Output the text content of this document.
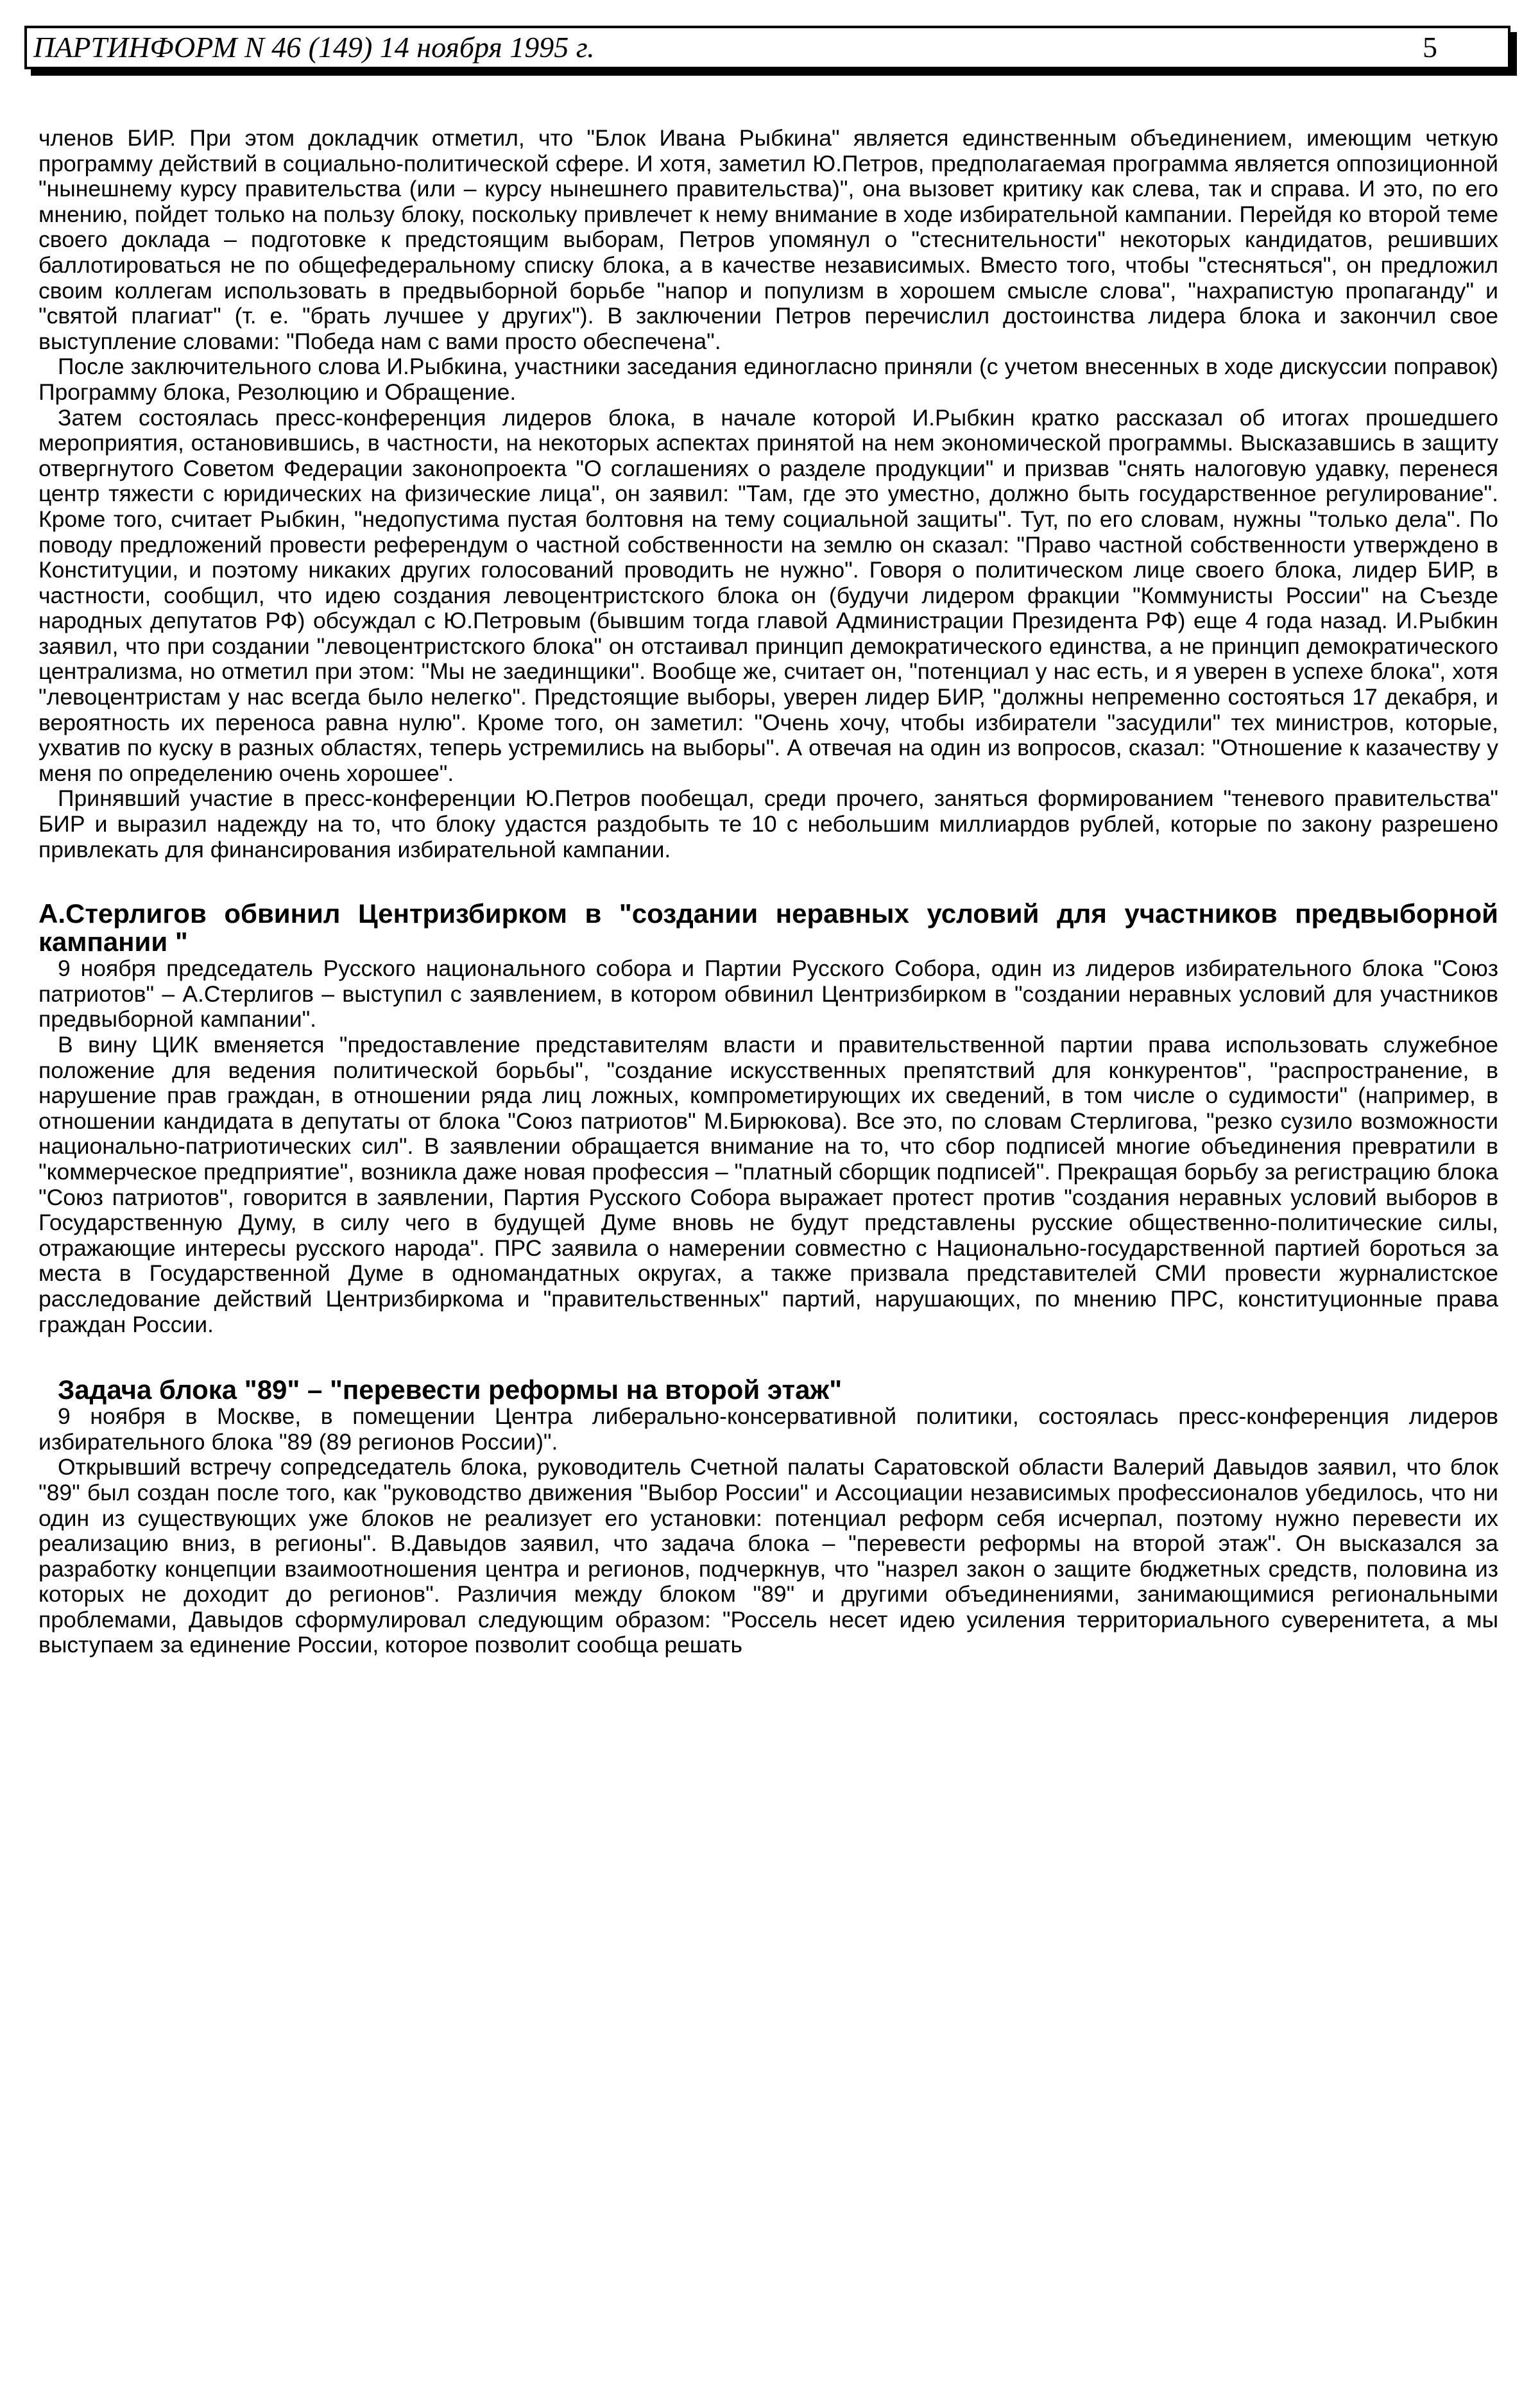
ПАРТИНФОРМ N 46 (149) 14 ноября 1995 г.	5

членов БИР. При этом докладчик отметил, что "Блок Ивана Рыбкина" является единственным объединением, имеющим четкую программу действий в социально-политической сфере. И хотя, заметил Ю.Петров, предполагаемая программа является оппозиционной "нынешнему курсу правительства (или – курсу нынешнего правительства)", она вызовет критику как слева, так и справа. И это, по его мнению, пойдет только на пользу блоку, поскольку привлечет к нему внимание в ходе избирательной кампании. Перейдя ко второй теме своего доклада – подготовке к предстоящим выборам, Петров упомянул о "стеснительности" некоторых кандидатов, решивших баллотироваться не по общефедеральному списку блока, а в качестве независимых. Вместо того, чтобы "стесняться", он предложил своим коллегам использовать в предвыборной борьбе "напор и популизм в хорошем смысле слова", "нахрапистую пропаганду" и "святой плагиат" (т. е. "брать лучшее у других"). В заключении Петров перечислил достоинства лидера блока и закончил свое выступление словами: "Победа нам с вами просто обеспечена".

После заключительного слова И.Рыбкина, участники заседания единогласно приняли (с учетом внесенных в ходе дискуссии поправок) Программу блока, Резолюцию и Обращение.

Затем состоялась пресс-конференция лидеров блока, в начале которой И.Рыбкин кратко рассказал об итогах прошедшего мероприятия, остановившись, в частности, на некоторых аспектах принятой на нем экономической программы. Высказавшись в защиту отвергнутого Советом Федерации законопроекта "О соглашениях о разделе продукции" и призвав "снять налоговую удавку, перенеся центр тяжести с юридических на физические лица", он заявил: "Там, где это уместно, должно быть государственное регулирование". Кроме того, считает Рыбкин, "недопустима пустая болтовня на тему социальной защиты". Тут, по его словам, нужны "только дела". По поводу предложений провести референдум о частной собственности на землю он сказал: "Право частной собственности утверждено в Конституции, и поэтому никаких других голосований проводить не нужно". Говоря о политическом лице своего блока, лидер БИР, в частности, сообщил, что идею создания левоцентристского блока он (будучи лидером фракции "Коммунисты России" на Съезде народных депутатов РФ) обсуждал с Ю.Петровым (бывшим тогда главой Администрации Президента РФ) еще 4 года назад. И.Рыбкин заявил, что при создании "левоцентристского блока" он отстаивал принцип демократического единства, а не принцип демократического централизма, но отметил при этом: "Мы не заединщики". Вообще же, считает он, "потенциал у нас есть, и я уверен в успехе блока", хотя "левоцентристам у нас всегда было нелегко". Предстоящие выборы, уверен лидер БИР, "должны непременно состояться 17 декабря, и вероятность их переноса равна нулю". Кроме того, он заметил: "Очень хочу, чтобы избиратели "засудили" тех министров, которые, ухватив по куску в разных областях, теперь устремились на выборы". А отвечая на один из вопросов, сказал: "Отношение к казачеству у меня по определению очень хорошее".

Принявший участие в пресс-конференции Ю.Петров пообещал, среди прочего, заняться формированием "теневого правительства" БИР и выразил надежду на то, что блоку удастся раздобыть те 10 с небольшим миллиардов рублей, которые по закону разрешено привлекать для финансирования избирательной кампании.

А.Стерлигов обвинил Центризбирком в "создании неравных условий для участников предвыборной кампании "

9 ноября председатель Русского национального собора и Партии Русского Собора, один из лидеров избирательного блока "Союз патриотов" – А.Стерлигов – выступил с заявлением, в котором обвинил Центризбирком в "создании неравных условий для участников предвыборной кампании".

В вину ЦИК вменяется "предоставление представителям власти и правительственной партии права использовать служебное положение для ведения политической борьбы", "создание искусственных препятствий для конкурентов", "распространение, в нарушение прав граждан, в отношении ряда лиц ложных, компрометирующих их сведений, в том числе о судимости" (например, в отношении кандидата в депутаты от блока "Союз патриотов" М.Бирюкова). Все это, по словам Стерлигова, "резко сузило возможности национально-патриотических сил". В заявлении обращается внимание на то, что сбор подписей многие объединения превратили в "коммерческое предприятие", возникла даже новая профессия – "платный сборщик подписей". Прекращая борьбу за регистрацию блока "Союз патриотов", говорится в заявлении, Партия Русского Собора выражает протест против "создания неравных условий выборов в Государственную Думу, в силу чего в будущей Думе вновь не будут представлены русские общественно-политические силы, отражающие интересы русского народа". ПРС заявила о намерении совместно с Национально-государственной партией бороться за места в Государственной Думе в одномандатных округах, а также призвала представителей СМИ провести журналистское расследование действий Центризбиркома и "правительственных" партий, нарушающих, по мнению ПРС, конституционные права граждан России.

Задача блока "89" – "перевести реформы на второй этаж"

9 ноября в Москве, в помещении Центра либерально-консервативной политики, состоялась пресс-конференция лидеров избирательного блока "89 (89 регионов России)".

Открывший встречу сопредседатель блока, руководитель Счетной палаты Саратовской области Валерий Давыдов заявил, что блок "89" был создан после того, как "руководство движения "Выбор России" и Ассоциации независимых профессионалов убедилось, что ни один из существующих уже блоков не реализует его установки: потенциал реформ себя исчерпал, поэтому нужно перевести их реализацию вниз, в регионы". В.Давыдов заявил, что задача блока – "перевести реформы на второй этаж". Он высказался за разработку концепции взаимоотношения центра и регионов, подчеркнув, что "назрел закон о защите бюджетных средств, половина из которых не доходит до регионов". Различия между блоком "89" и другими объединениями, занимающимися региональными проблемами, Давыдов сформулировал следующим образом: "Россель несет идею усиления территориального суверенитета, а мы выступаем за единение России, которое позволит сообща решать
